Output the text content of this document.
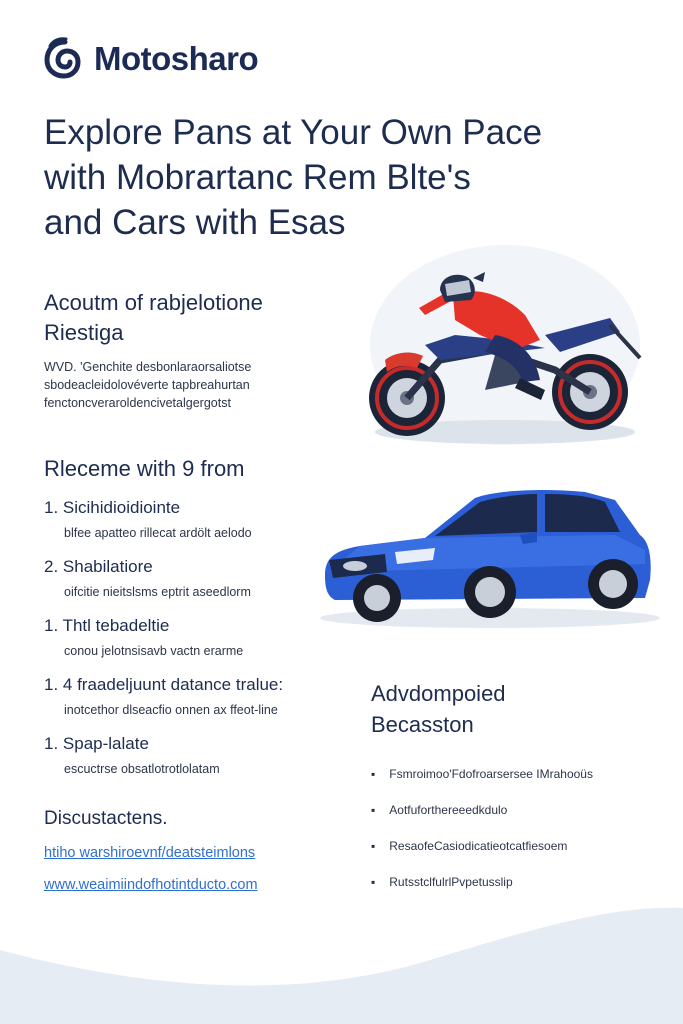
Motosharo
Explore Pans at Your Own Pace
with Mobrartanc Rem Blte's
and Cars with Esas
Acoutm of rabjelotione
Riestiga
WVD. 'Genchite desbonlaraorsaliotse
sbodeacleidolovéverte tapbreahurtan
fenctoncveraroldencivetalgergotst
Rleceme with 9 from
1. Sicihidioidiointe
blfee apatteo rillecat ardölt aelodo
2. Shabilatiore
oifcitie nieitslsms eptrit aseedlorm
1. Thtl tebadeltie
conou jelotnsisavb vactn erarme
1. 4 fraadeljuunt datance tralue:
inotcethor dlseacfio onnen ax ffeot-line
1. Spap-lalate
escuctrse obsatlotrotlolatam
Advdompoied
Becasston
▪ Fsmroimoo'Fdofroarsersee IMrahooüs
▪ Aotfuforthereeedkdulo
▪ ResaofeCasiodicatieotcatfiesoem
▪ RutsstclfulrlPvpetusslip
Discustactens.
htiho warshiroevnf/deatsteimlons
www.weaimiindofhotintducto.com
